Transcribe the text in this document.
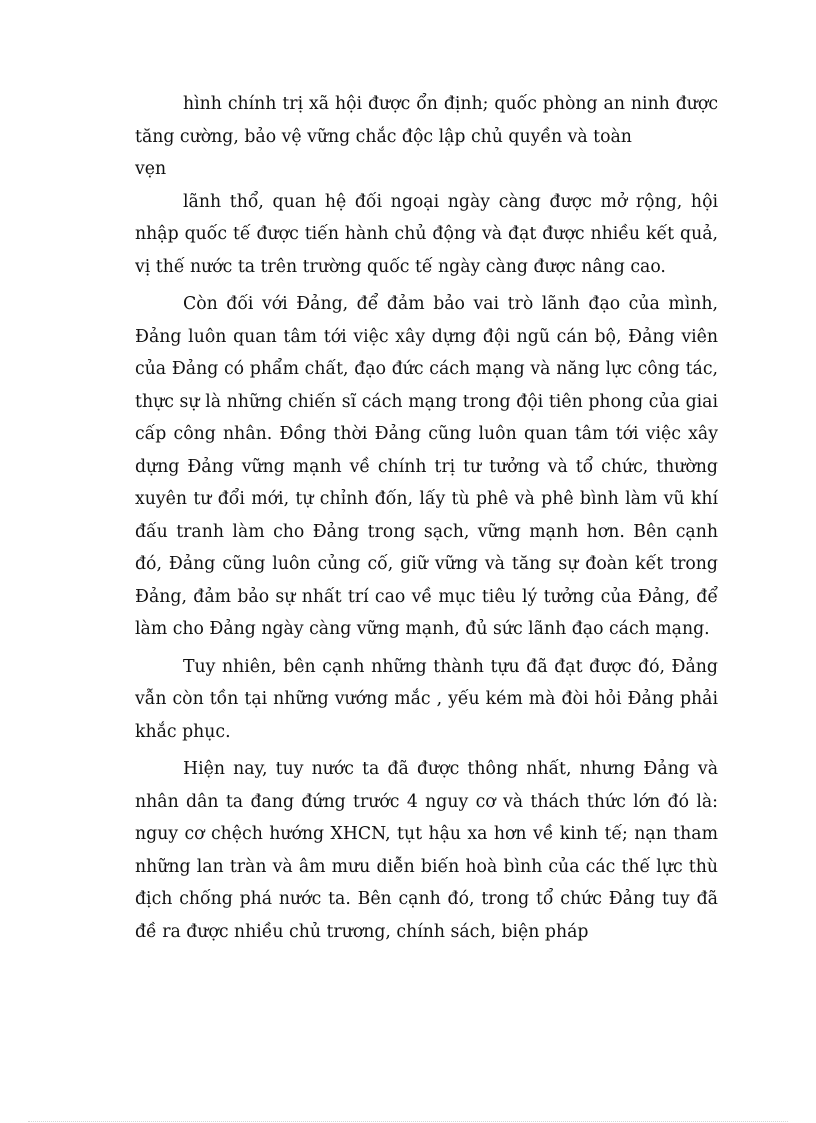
hình chính trị xã hội được ổn định; quốc phòng an ninh được tăng cường, bảo vệ vững chắc độc lập chủ quyền và toàn

vẹn

lãnh thổ, quan hệ đối ngoại ngày càng được mở rộng, hội nhập quốc tế được tiến hành chủ động và đạt được nhiều kết quả, vị thế nước ta trên trường quốc tế ngày càng được nâng cao.

Còn đối với Đảng, để đảm bảo vai trò lãnh đạo của mình, Đảng luôn quan tâm tới việc xây dựng đội ngũ cán bộ, Đảng viên của Đảng có phẩm chất, đạo đức cách mạng và năng lực công tác, thực sự là những chiến sĩ cách mạng trong đội tiên phong của giai cấp công nhân. Đồng thời Đảng cũng luôn quan tâm tới việc xây dựng Đảng vững mạnh về chính trị tư tưởng và tổ chức, thường xuyên tư đổi mới, tự chỉnh đốn, lấy tù phê và phê bình làm vũ khí đấu tranh làm cho Đảng trong sạch, vững mạnh hơn. Bên cạnh đó, Đảng cũng luôn củng cố, giữ vững và tăng sự đoàn kết trong Đảng, đảm bảo sự nhất trí cao về mục tiêu lý tưởng của Đảng, để làm cho Đảng ngày càng vững mạnh, đủ sức lãnh đạo cách mạng.

Tuy nhiên, bên cạnh những thành tựu đã đạt được đó, Đảng vẫn còn tồn tại những vướng mắc , yếu kém mà đòi hỏi Đảng phải khắc phục.

Hiện nay, tuy nước ta đã được thông nhất, nhưng Đảng và nhân dân ta đang đứng trước 4 nguy cơ và thách thức lớn đó là: nguy cơ chệch hướng XHCN, tụt hậu xa hơn về kinh tế; nạn tham những lan tràn và âm mưu diễn biến hoà bình của các thế lực thù địch chống phá nước ta. Bên cạnh đó, trong tổ chức Đảng tuy đã đề ra được nhiều chủ trương, chính sách, biện pháp
